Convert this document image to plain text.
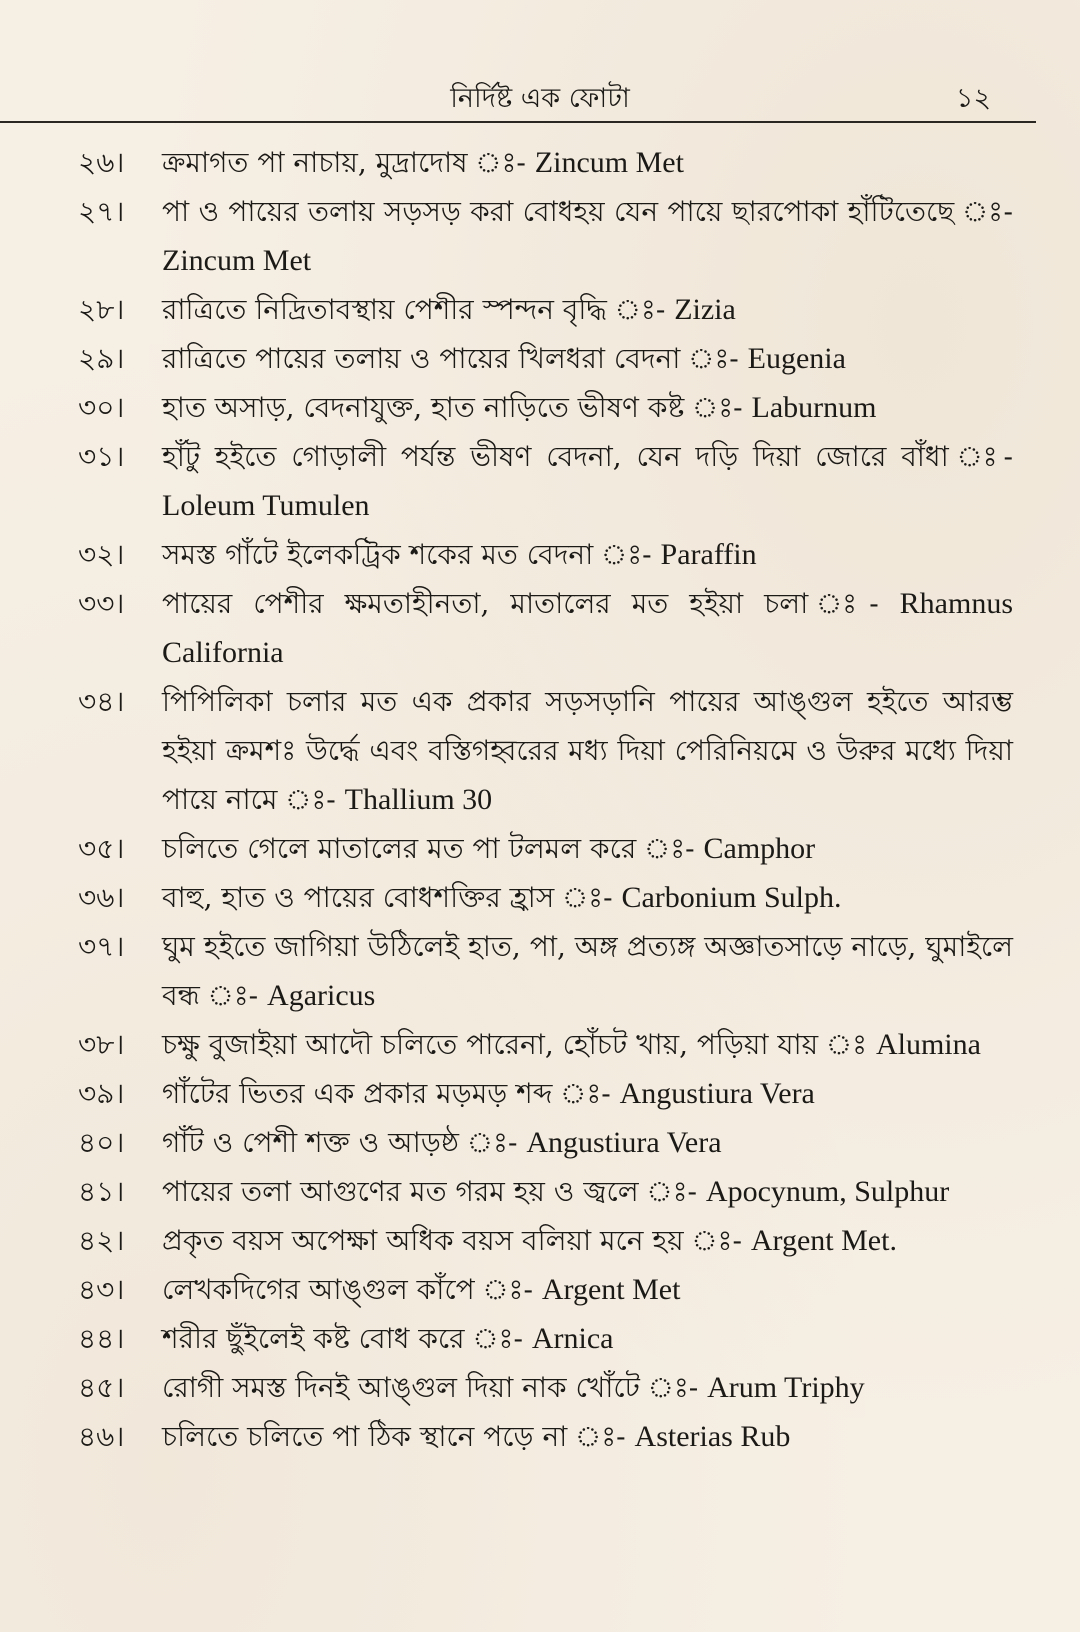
নির্দিষ্ট এক ফোটা	১২
২৬।	ক্রমাগত পা নাচায়, মুদ্রাদোষ ঃ- Zincum Met
২৭।	পা ও পায়ের তলায় সড়সড় করা বোধহয় যেন পায়ে ছারপোকা হাঁটিতেছে ঃ- Zincum Met
২৮।	রাত্রিতে নিদ্রিতাবস্থায় পেশীর স্পন্দন বৃদ্ধি ঃ- Zizia
২৯।	রাত্রিতে পায়ের তলায় ও পায়ের খিলধরা বেদনা ঃ- Eugenia
৩০।	হাত অসাড়, বেদনাযুক্ত, হাত নাড়িতে ভীষণ কষ্ট ঃ- Laburnum
৩১।	হাঁটু হইতে গোড়ালী পর্যন্ত ভীষণ বেদনা, যেন দড়ি দিয়া জোরে বাঁধা ঃ- Loleum Tumulen
৩২।	সমস্ত গাঁটে ইলেকট্রিক শকের মত বেদনা ঃ- Paraffin
৩৩।	পায়ের পেশীর ক্ষমতাহীনতা, মাতালের মত হইয়া চলা ঃ- Rhamnus California
৩৪।	পিপিলিকা চলার মত এক প্রকার সড়সড়ানি পায়ের আঙ্গুল হইতে আরম্ভ হইয়া ক্রমশঃ উর্দ্ধে এবং বস্তিগহ্বরের মধ্য দিয়া পেরিনিয়মে ও উরুর মধ্যে দিয়া পায়ে নামে ঃ- Thallium 30
৩৫।	চলিতে গেলে মাতালের মত পা টলমল করে ঃ- Camphor
৩৬।	বাহু, হাত ও পায়ের বোধশক্তির হ্রাস ঃ- Carbonium Sulph.
৩৭।	ঘুম হইতে জাগিয়া উঠিলেই হাত, পা, অঙ্গ প্রত্যঙ্গ অজ্ঞাতসাড়ে নাড়ে, ঘুমাইলে বন্ধ ঃ- Agaricus
৩৮।	চক্ষু বুজাইয়া আদৌ চলিতে পারেনা, হোঁচট খায়, পড়িয়া যায় ঃ Alumina
৩৯।	গাঁটের ভিতর এক প্রকার মড়মড় শব্দ ঃ- Angustiura Vera
৪০।	গাঁট ও পেশী শক্ত ও আড়ষ্ঠ ঃ- Angustiura Vera
৪১।	পায়ের তলা আগুণের মত গরম হয় ও জ্বলে ঃ- Apocynum, Sulphur
৪২।	প্রকৃত বয়স অপেক্ষা অধিক বয়স বলিয়া মনে হয় ঃ- Argent Met.
৪৩।	লেখকদিগের আঙ্গুল কাঁপে ঃ- Argent Met
৪৪।	শরীর ছুঁইলেই কষ্ট বোধ করে ঃ- Arnica
৪৫।	রোগী সমস্ত দিনই আঙ্গুল দিয়া নাক খোঁটে ঃ- Arum Triphy
৪৬।	চলিতে চলিতে পা ঠিক স্থানে পড়ে না ঃ- Asterias Rub
